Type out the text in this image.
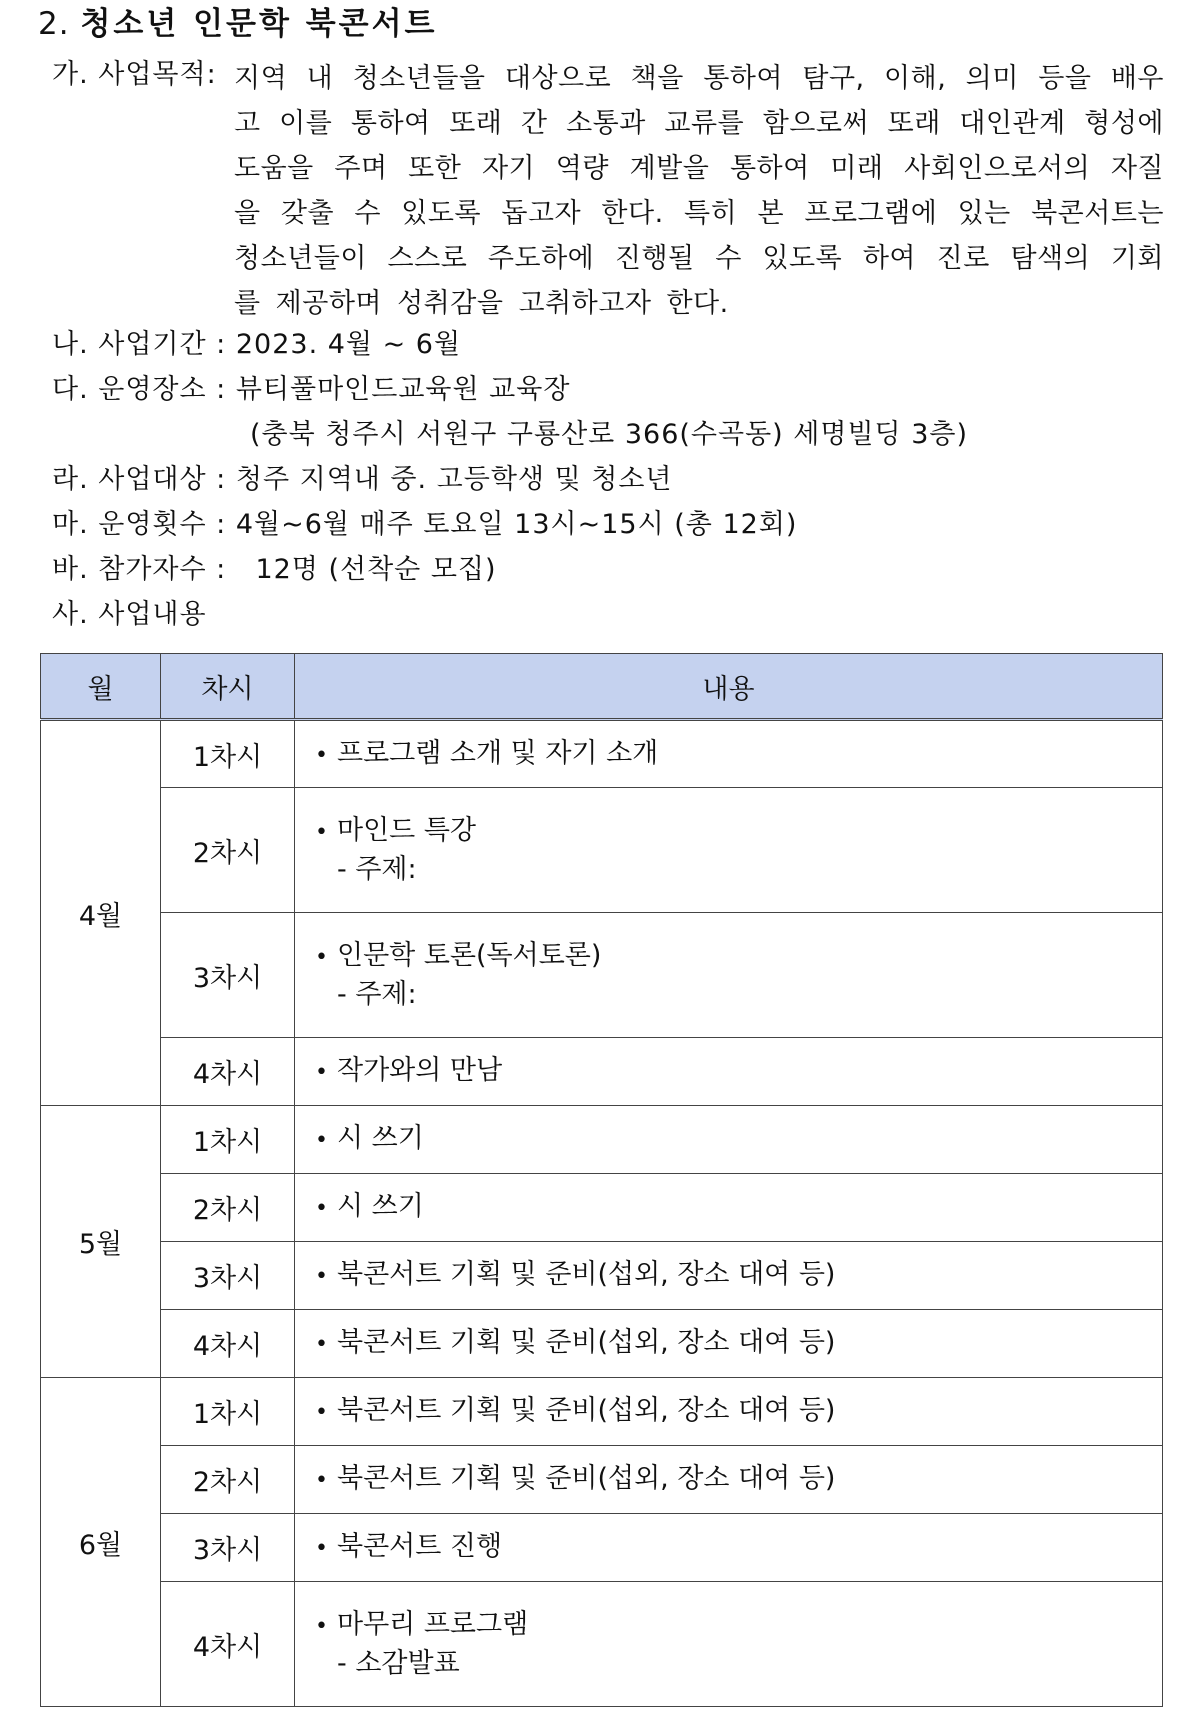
2. 청소년 인문학 북콘서트
가. 사업목적: 지역 내 청소년들을 대상으로 책을 통하여 탐구, 이해, 의미 등을 배우
고 이를 통하여 또래 간 소통과 교류를 함으로써 또래 대인관계 형성에
도움을 주며 또한 자기 역량 계발을 통하여 미래 사회인으로서의 자질
을 갖출 수 있도록 돕고자 한다. 특히 본 프로그램에 있는 북콘서트는
청소년들이 스스로 주도하에 진행될 수 있도록 하여 진로 탐색의 기회
를 제공하며 성취감을 고취하고자 한다.
나. 사업기간 : 2023. 4월 ~ 6월
다. 운영장소 : 뷰티풀마인드교육원 교육장
(충북 청주시 서원구 구룡산로 366(수곡동) 세명빌딩 3층)
라. 사업대상 : 청주 지역내 중. 고등학생 및 청소년
마. 운영횟수 : 4월~6월 매주 토요일 13시~15시 (총 12회)
바. 참가자수 : 12명 (선착순 모집)
사. 사업내용
월	차시	내용
4월	1차시	• 프로그램 소개 및 자기 소개
	2차시	• 마인드 특강
- 주제:

	3차시	• 인문학 토론(독서토론)
- 주제:

	4차시	• 작가와의 만남
5월	1차시	• 시 쓰기
	2차시	• 시 쓰기
	3차시	• 북콘서트 기획 및 준비(섭외, 장소 대여 등)
	4차시	• 북콘서트 기획 및 준비(섭외, 장소 대여 등)
6월	1차시	• 북콘서트 기획 및 준비(섭외, 장소 대여 등)
	2차시	• 북콘서트 기획 및 준비(섭외, 장소 대여 등)
	3차시	• 북콘서트 진행
	4차시	• 마무리 프로그램
- 소감발표
